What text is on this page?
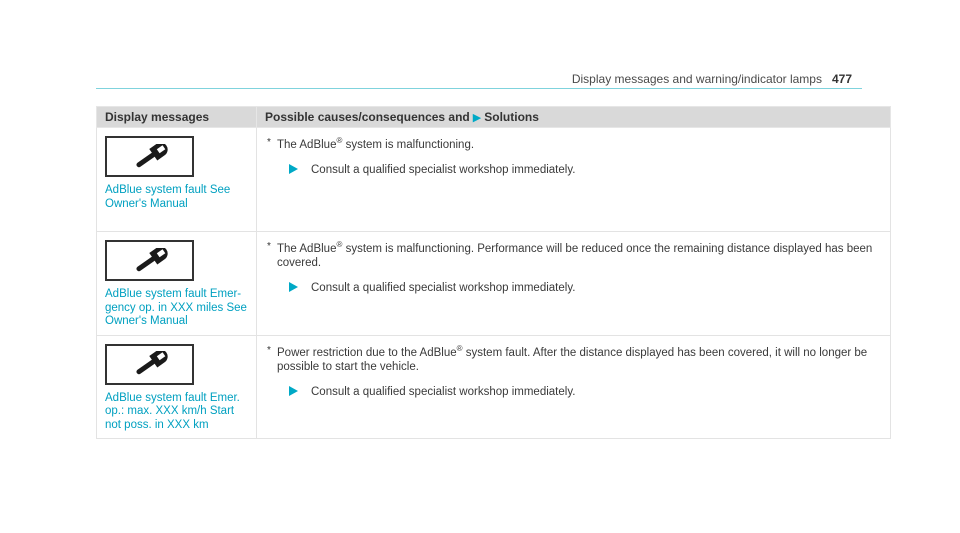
Display messages and warning/indicator lamps 477
Display messages	Possible causes/consequences and ▶ Solutions

AdBlue system fault See Owner's Manual	* The AdBlue® system is malfunctioning.
Consult a qualified specialist workshop immediately.

AdBlue system fault Emer-gency op. in XXX miles See Owner's Manual	* The AdBlue® system is malfunctioning. Performance will be reduced once the remaining distance displayed has been covered.
Consult a qualified specialist workshop immediately.

AdBlue system fault Emer. op.: max. XXX km/h Start not poss. in XXX km	* Power restriction due to the AdBlue® system fault. After the distance displayed has been covered, it will no longer be possible to start the vehicle.
Consult a qualified specialist workshop immediately.
